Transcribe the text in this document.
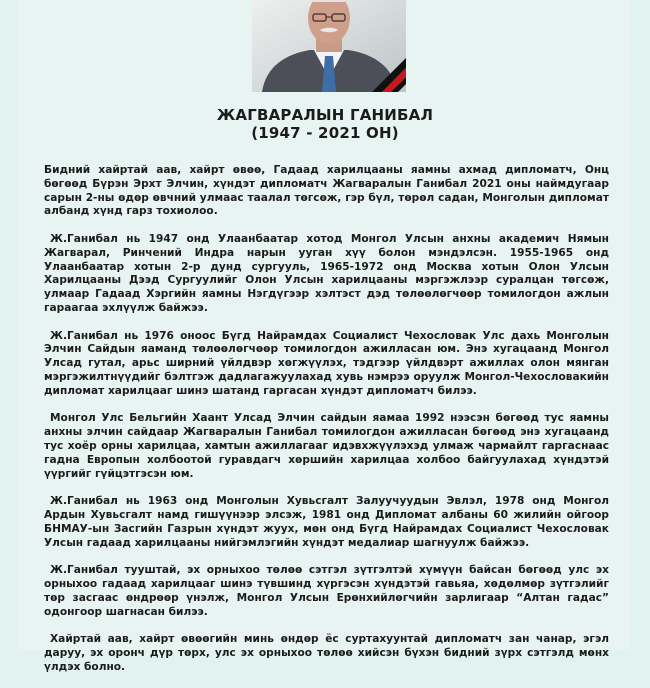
ЖАГВАРАЛЫН ГАНИБАЛ
(1947 - 2021 ОН)

Бидний хайртай аав, хайрт өвөө, Гадаад харилцааны яамны ахмад дипломатч, Онц бөгөөд Бүрэн Эрхт Элчин, хүндэт дипломатч Жагваралын Ганибал 2021 оны наймдугаар сарын 2-ны өдөр өвчний улмаас таалал төгсөж, гэр бүл, төрөл садан, Монголын дипломат албанд хүнд гарз тохиолоо.

Ж.Ганибал нь 1947 онд Улаанбаатар хотод Монгол Улсын анхны академич Нямын Жагварал, Ринчений Индра нарын уугaн хүү болон мэндэлсэн. 1955-1965 онд Улаанбаатар хотын 2-р дунд сургууль, 1965-1972 онд Москва хотын Олон Улсын Харилцааны Дээд Сургуулийг Олон Улсын харилцааны мэргэжлээр суралцан төгсөж, улмаар Гадаад Хэргийн яамны Нэгдүгээр хэлтэст дэд төлөөлөгчөөр томилогдон ажлын гараагаа эхлүүлж байжээ.

Ж.Ганибал нь 1976 оноос Бүгд Найрамдах Социалист Чехословак Улс дахь Монголын Элчин Сайдын яаманд төлөөлөгчөөр томилогдон ажилласан юм. Энэ хугацаанд Монгол Улсад гутал, арьс ширний үйлдвэр хөгжүүлэх, тэдгээр үйлдвэрт ажиллах олон мянган мэргэжилтнүүдийг бэлтгэж дадлагажуулахад хувь нэмрээ оруулж Монгол-Чехословакийн дипломат харилцааг шинэ шатанд гаргасан хүндэт дипломатч билээ.

Монгол Улс Бельгийн Хаант Улсад Элчин сайдын яамаа 1992 нээсэн бөгөөд тус яамны анхны элчин сайдаар Жагваралын Ганибал томилогдон ажилласан бөгөөд энэ хугацаанд тус хоёр орны харилцаа, хамтын ажиллагааг идэвхжүүлэхэд улмаж чармайлт гаргаснаас гадна Европын холбоотой гуравдагч хөршийн харилцаа холбоо байгуулахад хүндэтэй үүргийг гүйцэтгэсэн юм.

Ж.Ганибал нь 1963 онд Монголын Хувьсгалт Залуучуудын Эвлэл, 1978 онд Монгол Ардын Хувьсгалт намд гишүүнээр элсэж, 1981 онд Дипломат албаны 60 жилийн ойгоор БНМАУ-ын Засгийн Газрын хүндэт жуух, мөн онд Бүгд Найрамдах Социалист Чехословак Улсын гадаад харилцааны нийгэмлэгийн хүндэт медалиар шагнуулж байжээ.

Ж.Ганибал тууштай, эх орныхоо төлөө сэтгэл зүтгэлтэй хүмүүн байсан бөгөөд улс эх орныхоо гадаад харилцааг шинэ түвшинд хүргэсэн хүндэтэй гавьяа, хөдөлмөр зүтгэлийг төр засгаас өндрөөр үнэлж, Монгол Улсын Ерөнхийлөгчийн зарлигаар “Алтан гадас” одонгоор шагнасан билээ.

Хайртай аав, хайрт өвөөгийн минь өндөр ёс суртахуунтай дипломатч зан чанар, эгэл даруу, эх оронч дүр төрх, улс эх орныхоо төлөө хийсэн бүхэн бидний зүрх сэтгэлд мөнх үлдэх болно.
